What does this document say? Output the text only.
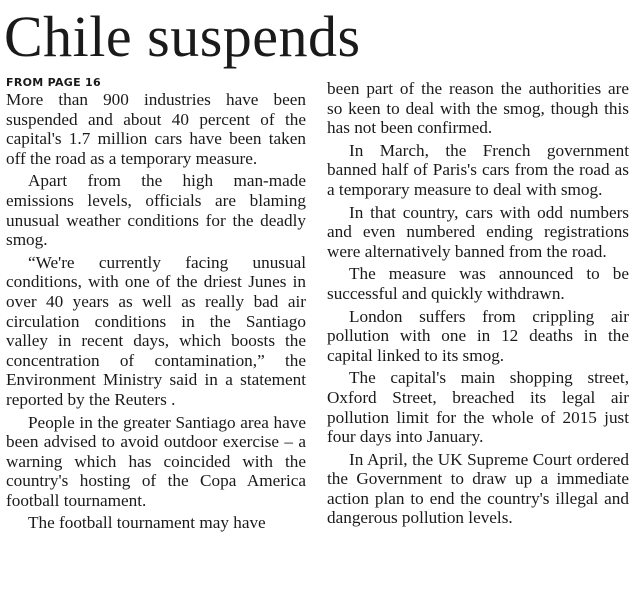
Chile suspends
FROM PAGE 16

More than 900 industries have been suspended and about 40 percent of the capital's 1.7 million cars have been taken off the road as a temporary measure.

Apart from the high man-made emissions levels, officials are blaming unusual weather conditions for the deadly smog.

“We're currently facing unusual conditions, with one of the driest Junes in over 40 years as well as really bad air circulation conditions in the Santiago valley in recent days, which boosts the concentration of contamination,” the Environment Ministry said in a statement reported by the Reuters .

People in the greater Santiago area have been advised to avoid outdoor exercise – a warning which has coincided with the country's hosting of the Copa America football tournament.

The football tournament may have

been part of the reason the authorities are so keen to deal with the smog, though this has not been confirmed.

In March, the French government banned half of Paris's cars from the road as a temporary measure to deal with smog.

In that country, cars with odd numbers and even numbered ending registrations were alternatively banned from the road.

The measure was announced to be successful and quickly withdrawn.

London suffers from crippling air pollution with one in 12 deaths in the capital linked to its smog.

The capital's main shopping street, Oxford Street, breached its legal air pollution limit for the whole of 2015 just four days into January.

In April, the UK Supreme Court ordered the Government to draw up a immediate action plan to end the country's illegal and dangerous pollution levels.
